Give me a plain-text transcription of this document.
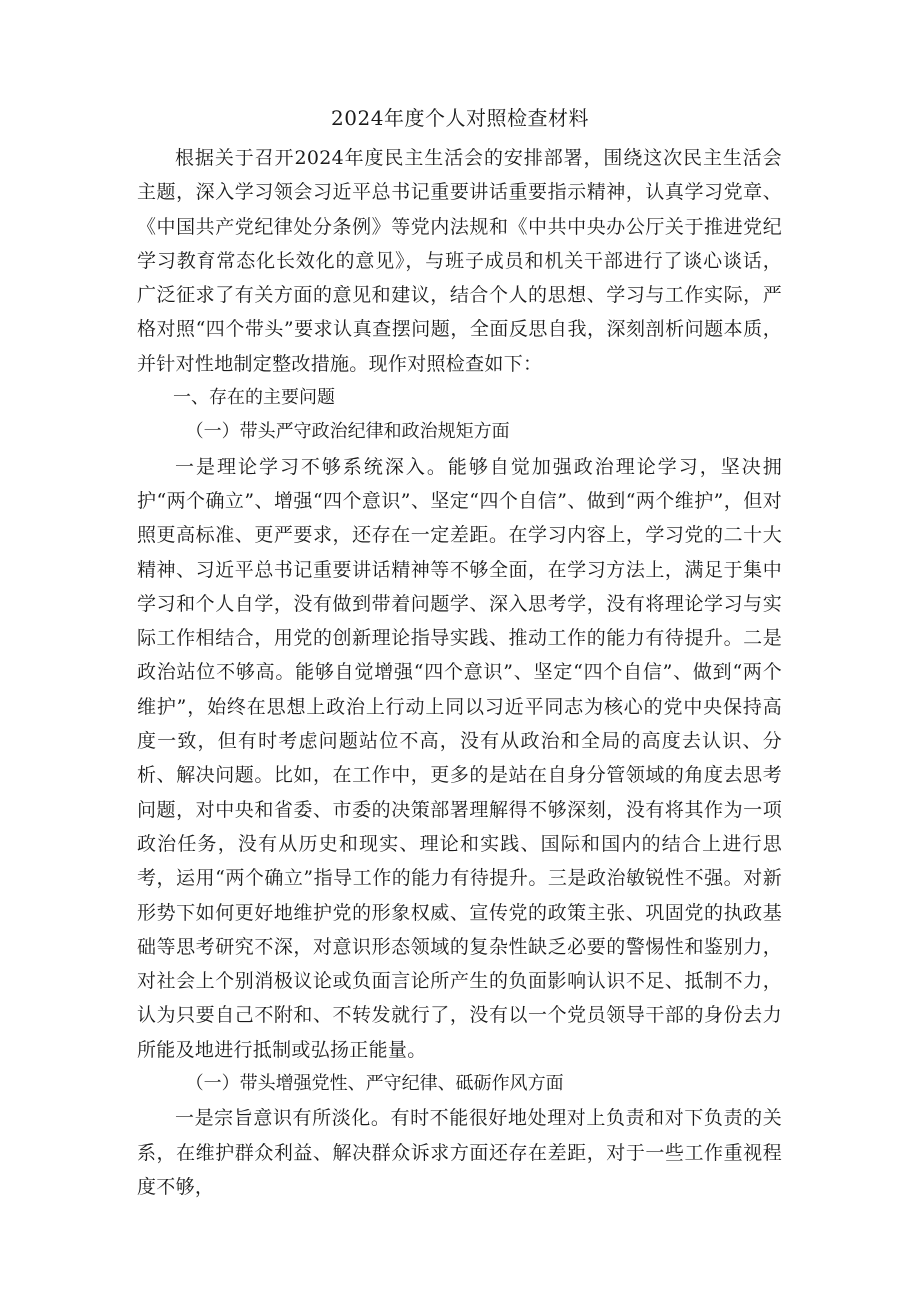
2024年度个人对照检查材料

根据关于召开2024年度民主生活会的安排部署，围绕这次民主生活会主题，深入学习领会习近平总书记重要讲话重要指示精神，认真学习党章、《中国共产党纪律处分条例》等党内法规和《中共中央办公厅关于推进党纪学习教育常态化长效化的意见》，与班子成员和机关干部进行了谈心谈话，广泛征求了有关方面的意见和建议，结合个人的思想、学习与工作实际，严格对照“四个带头”要求认真查摆问题，全面反思自我，深刻剖析问题本质，并针对性地制定整改措施。现作对照检查如下：

一、存在的主要问题

（一）带头严守政治纪律和政治规矩方面

一是理论学习不够系统深入。能够自觉加强政治理论学习，坚决拥护“两个确立”、增强“四个意识”、坚定“四个自信”、做到“两个维护”，但对照更高标准、更严要求，还存在一定差距。在学习内容上，学习党的二十大精神、习近平总书记重要讲话精神等不够全面，在学习方法上，满足于集中学习和个人自学，没有做到带着问题学、深入思考学，没有将理论学习与实际工作相结合，用党的创新理论指导实践、推动工作的能力有待提升。二是政治站位不够高。能够自觉增强“四个意识”、坚定“四个自信”、做到“两个维护”，始终在思想上政治上行动上同以习近平同志为核心的党中央保持高度一致，但有时考虑问题站位不高，没有从政治和全局的高度去认识、分析、解决问题。比如，在工作中，更多的是站在自身分管领域的角度去思考问题，对中央和省委、市委的决策部署理解得不够深刻，没有将其作为一项政治任务，没有从历史和现实、理论和实践、国际和国内的结合上进行思考，运用“两个确立”指导工作的能力有待提升。三是政治敏锐性不强。对新形势下如何更好地维护党的形象权威、宣传党的政策主张、巩固党的执政基础等思考研究不深，对意识形态领域的复杂性缺乏必要的警惕性和鉴别力，对社会上个别消极议论或负面言论所产生的负面影响认识不足、抵制不力，认为只要自己不附和、不转发就行了，没有以一个党员领导干部的身份去力所能及地进行抵制或弘扬正能量。

（一）带头增强党性、严守纪律、砥砺作风方面

一是宗旨意识有所淡化。有时不能很好地处理对上负责和对下负责的关系，在维护群众利益、解决群众诉求方面还存在差距，对于一些工作重视程度不够，
